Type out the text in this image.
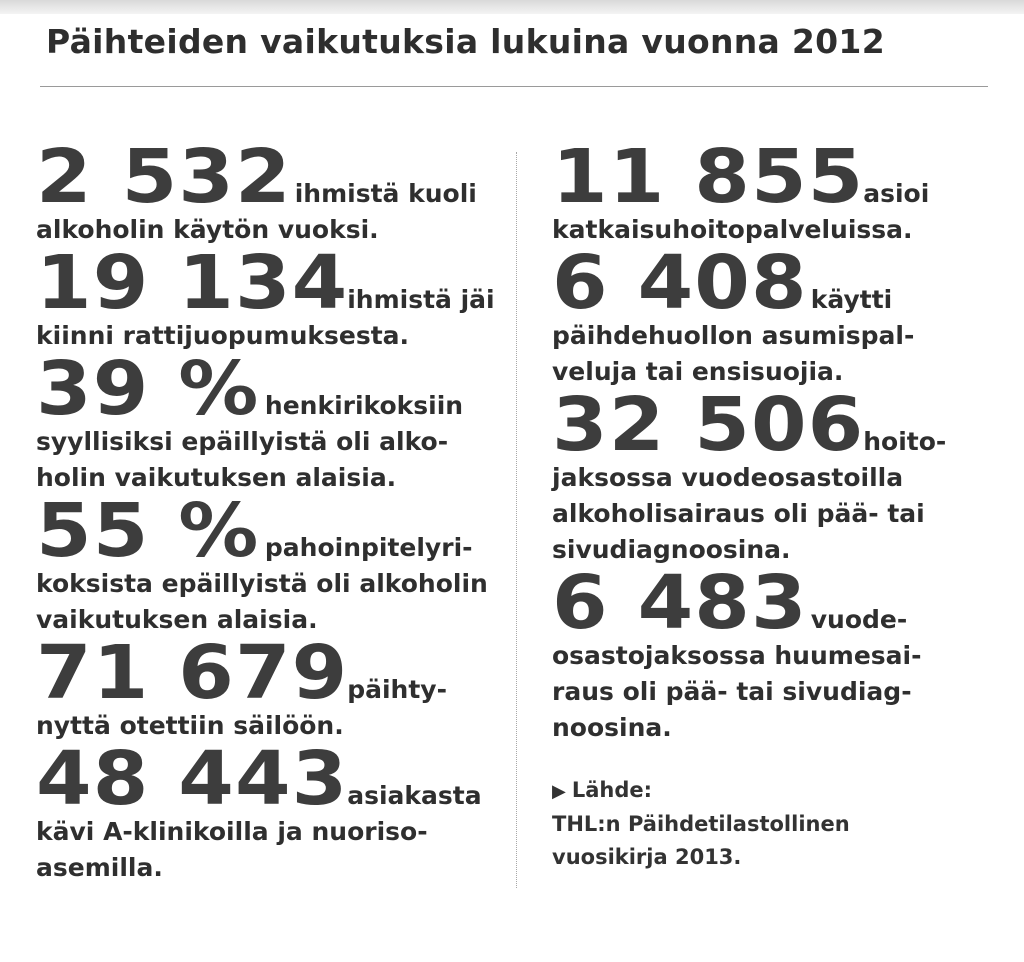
Päihteiden vaikutuksia lukuina vuonna 2012
2 532 ihmistä kuoli alkoholin käytön vuoksi.
19 134ihmistä jäi kiinni rattijuopumuksesta.
39 % henkirikoksiin syyllisiksi epäillyistä oli alkoholin vaikutuksen alaisia.
55 % pahoinpitelyrikoksista epäillyistä oli alkoholin vaikutuksen alaisia.
71 679päihtynyttä otettiin säilöön.
48 443asiakasta kävi A-klinikoilla ja nuorisoasemilla.
11 855asioi katkaisuhoitopalveluissa.
6 408 käytti päihdehuollon asumispalveluja tai ensisuojia.
32 506hoitojaksossa vuodeosastoilla alkoholisairaus oli pää- tai sivudiagnoosina.
6 483 vuodeosastojaksossa huumesairaus oli pää- tai sivudiagnoosina.
▶ Lähde:
THL:n Päihdetilastollinen vuosikirja 2013.
